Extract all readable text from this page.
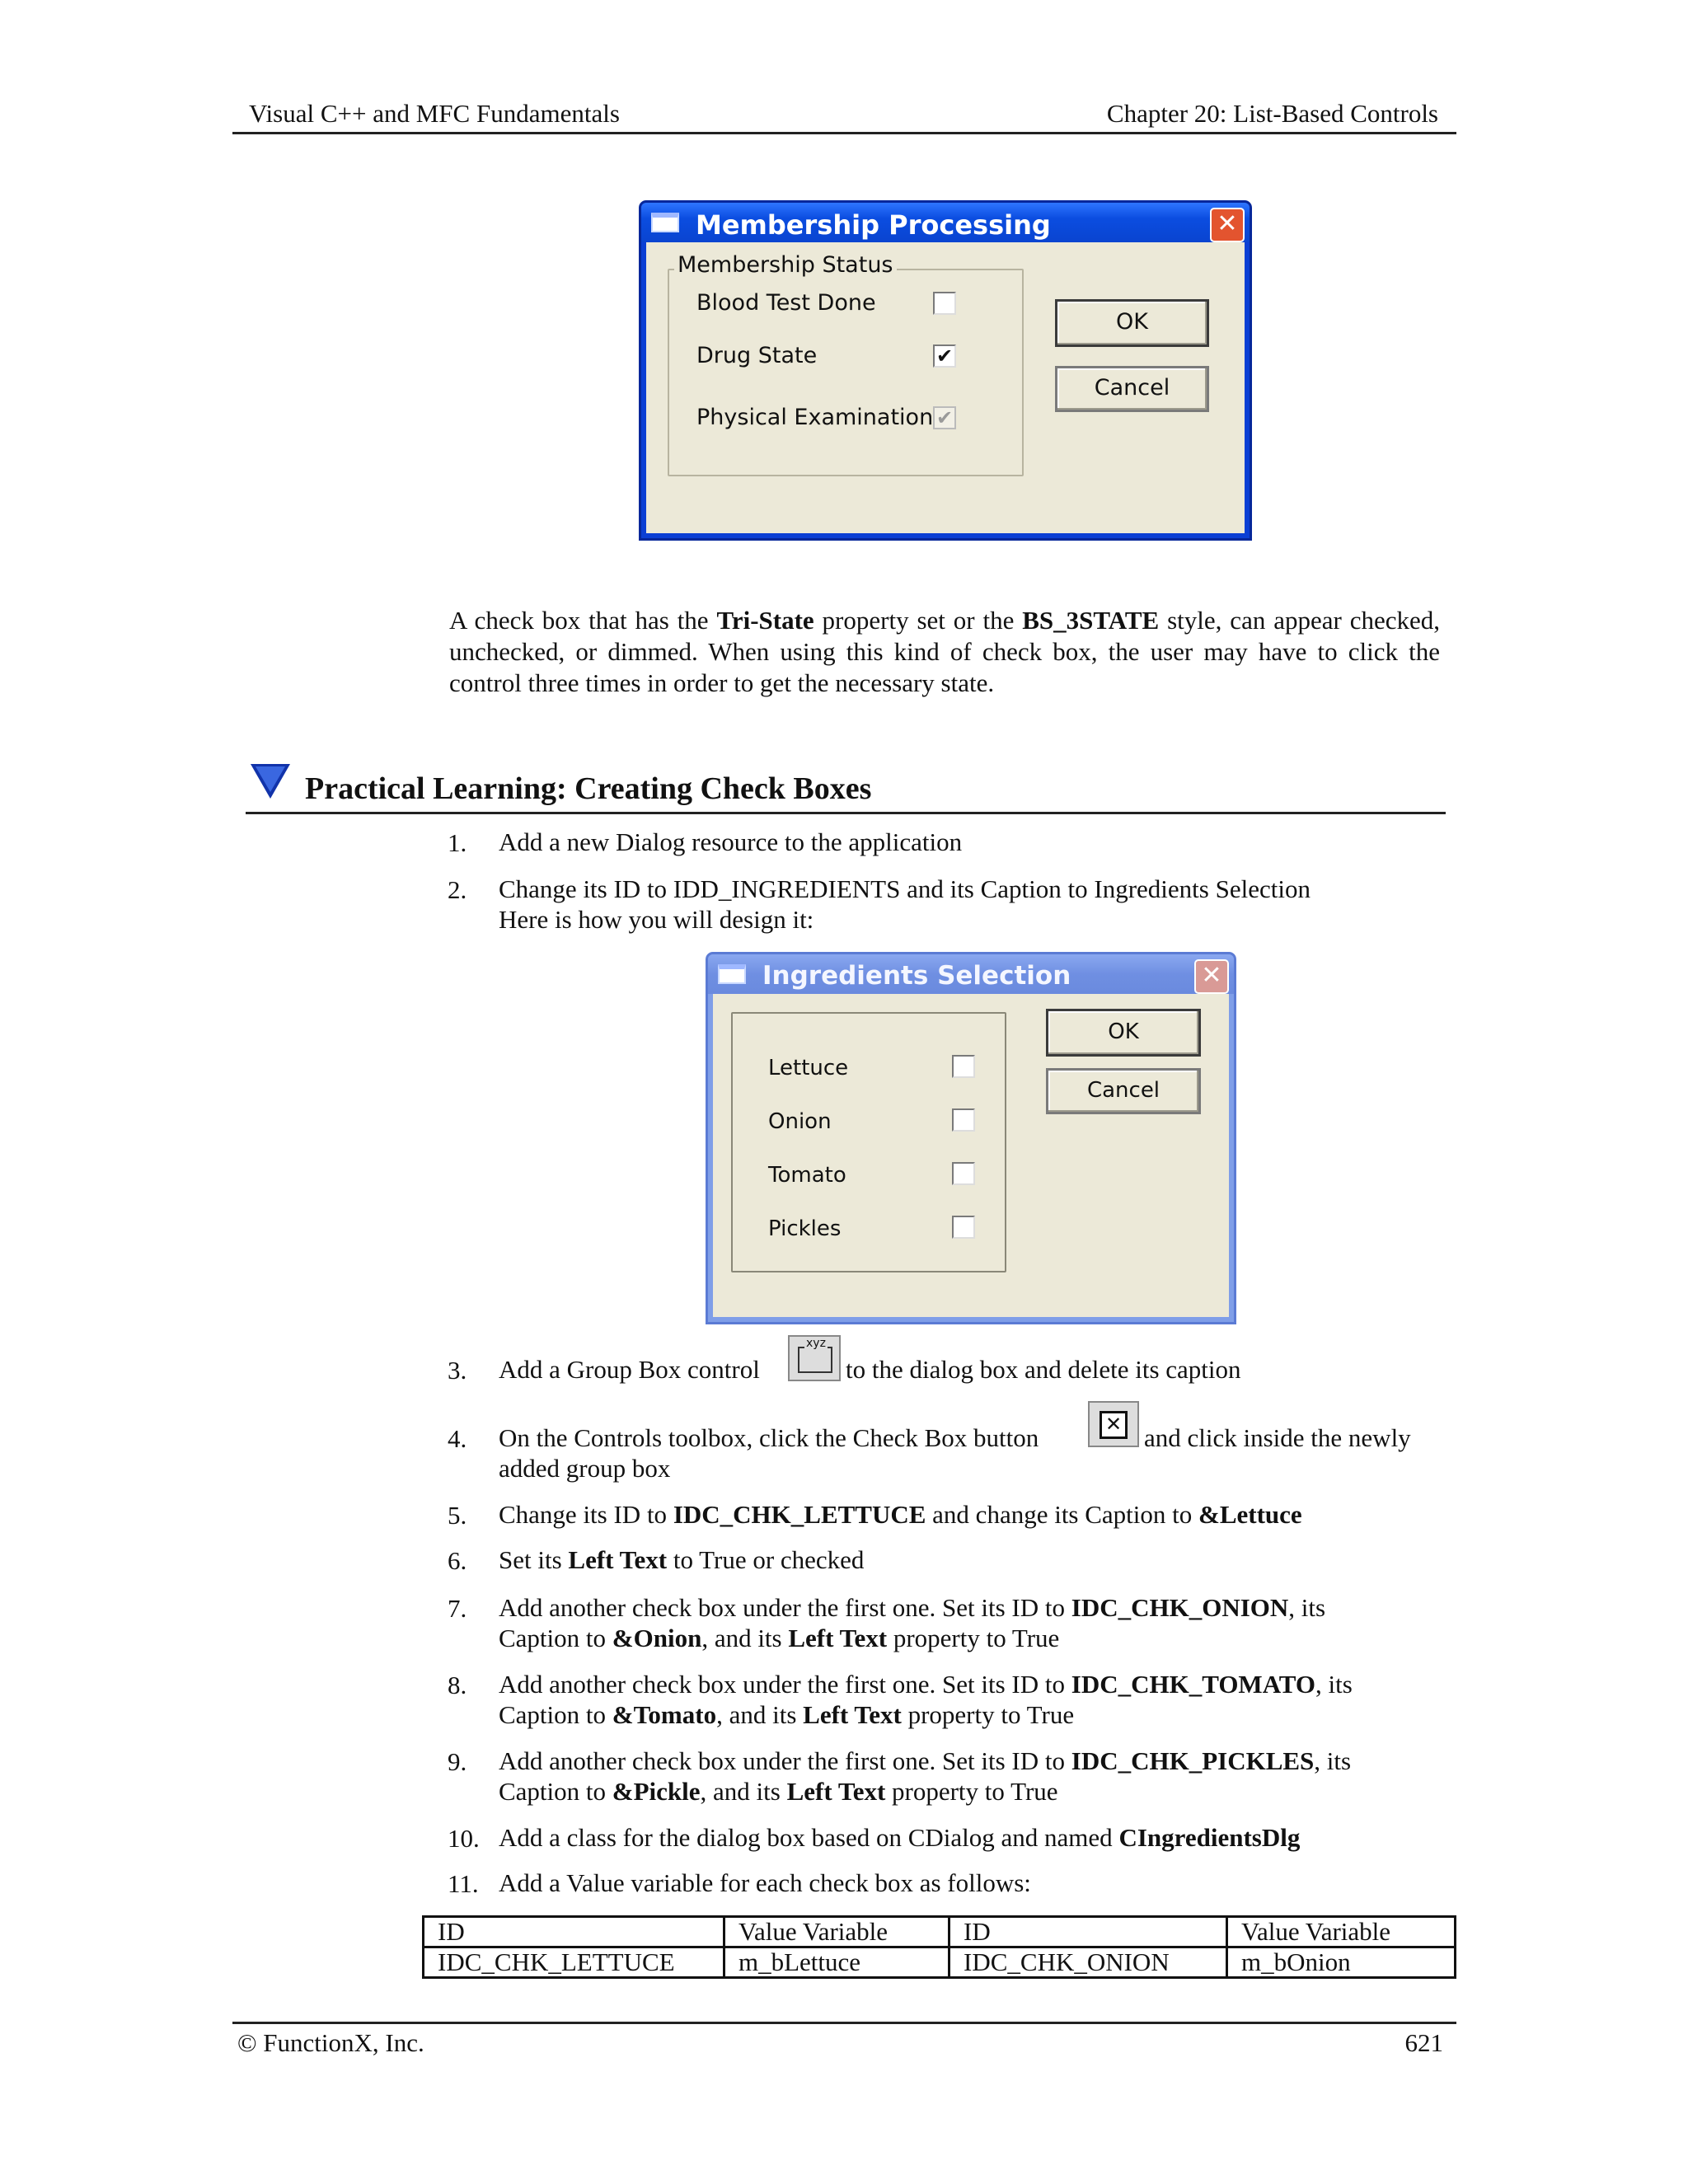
Visual C++ and MFC Fundamentals	Chapter 20: List-Based Controls
Membership Processing	✕
Membership Status
Blood Test Done
Drug State	✔
Physical Examination ✔
OK
Cancel
A check box that has the Tri-State property set or the BS_3STATE style, can appear checked, unchecked, or dimmed. When using this kind of check box, the user may have to click the control three times in order to get the necessary state.
Practical Learning: Creating Check Boxes
1. Add a new Dialog resource to the application
2. Change its ID to IDD_INGREDIENTS and its Caption to Ingredients Selection
Here is how you will design it:
Ingredients Selection	✕
Lettuce
Onion
Tomato
Pickles
OK
Cancel
3. Add a Group Box control
xyz
to the dialog box and delete its caption
4. On the Controls toolbox, click the Check Box button	✕ and click inside the newly
added group box
5. Change its ID to IDC_CHK_LETTUCE and change its Caption to &Lettuce
6. Set its Left Text to True or checked
7. Add another check box under the first one. Set its ID to IDC_CHK_ONION, its
Caption to &Onion, and its Left Text property to True
8. Add another check box under the first one. Set its ID to IDC_CHK_TOMATO, its
Caption to &Tomato, and its Left Text property to True
9. Add another check box under the first one. Set its ID to IDC_CHK_PICKLES, its
Caption to &Pickle, and its Left Text property to True
10. Add a class for the dialog box based on CDialog and named CIngredientsDlg
11. Add a Value variable for each check box as follows:
ID	Value Variable	ID	Value Variable
IDC_CHK_LETTUCE	m_bLettuce	IDC_CHK_ONION	m_bOnion
© FunctionX, Inc.	621
